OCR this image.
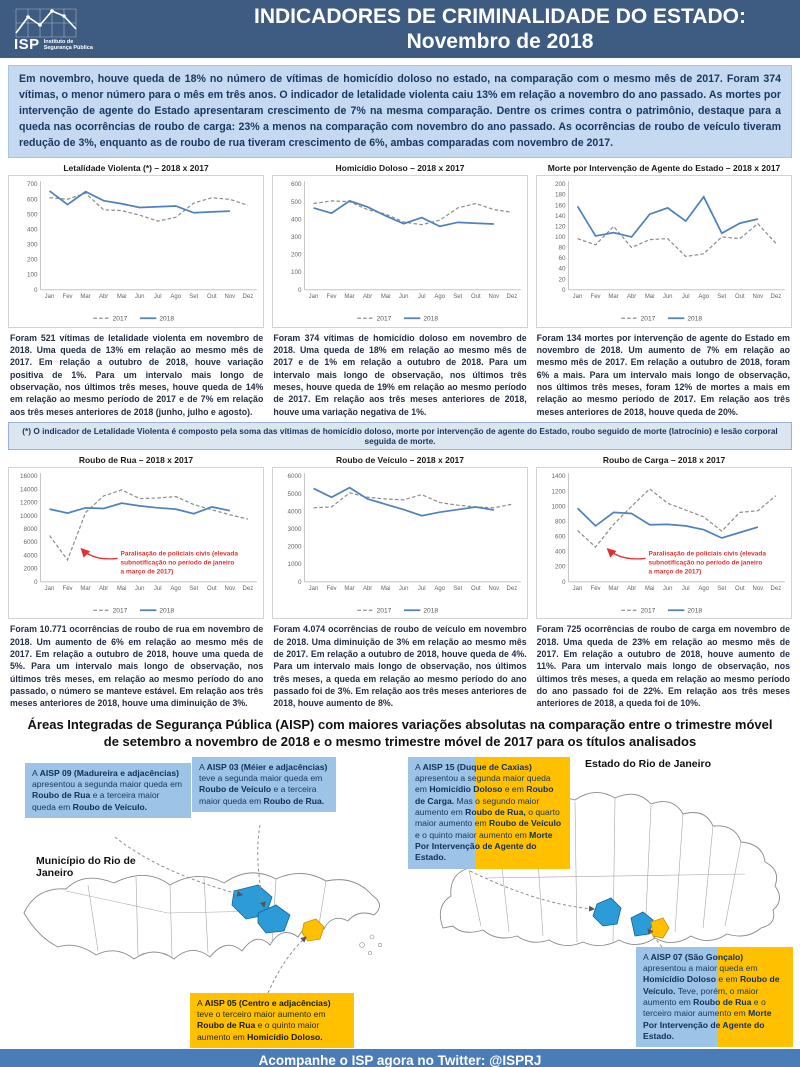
ISP Instituto de
Segurança Pública
INDICADORES DE CRIMINALIDADE DO ESTADO:
Novembro de 2018
Em novembro, houve queda de 18% no número de vítimas de homicídio doloso no estado, na comparação com o mesmo mês de 2017. Foram 374 vítimas, o menor número para o mês em três anos. O indicador de letalidade violenta caiu 13% em relação a novembro do ano passado. As mortes por intervenção de agente do Estado apresentaram crescimento de 7% na mesma comparação. Dentre os crimes contra o patrimônio, destaque para a queda nas ocorrências de roubo de carga: 23% a menos na comparação com novembro do ano passado. As ocorrências de roubo de veículo tiveram redução de 3%, enquanto as de roubo de rua tiveram crescimento de 6%, ambas comparadas com novembro de 2017.
Letalidade Violenta (*) – 2018 x 2017
0
100
200
300
400
500
600
700
Jan Fev Mar Abr Mai Jun Jul Ago Set Out Nov Dez
2017	2018
Homicídio Doloso – 2018 x 2017
0
100
200
300
400
500
600
Jan Fev Mar Abr Mai Jun Jul Ago Set Out Nov Dez
2017	2018
Morte por Intervenção de Agente do Estado – 2018 x 2017
0
20
40
60
80
100
120
140
160
180
200
Jan Fev Mar Abr Mai Jun Jul Ago Set Out Nov Dez
2017	2018
Foram 521 vítimas de letalidade violenta em novembro de 2018. Uma queda de 13% em relação ao mesmo mês de 2017. Em relação a outubro de 2018, houve variação positiva de 1%. Para um intervalo mais longo de observação, nos últimos três meses, houve queda de 14% em relação ao mesmo período de 2017 e de 7% em relação aos três meses anteriores de 2018 (junho, julho e agosto).
Foram 374 vítimas de homicídio doloso em novembro de 2018. Uma queda de 18% em relação ao mesmo mês de 2017 e de 1% em relação a outubro de 2018. Para um intervalo mais longo de observação, nos últimos três meses, houve queda de 19% em relação ao mesmo período de 2017. Em relação aos três meses anteriores de 2018, houve uma variação negativa de 1%.
Foram 134 mortes por intervenção de agente do Estado em novembro de 2018. Um aumento de 7% em relação ao mesmo mês de 2017. Em relação a outubro de 2018, foram 6% a mais. Para um intervalo mais longo de observação, nos últimos três meses, foram 12% de mortes a mais em relação ao mesmo período de 2017. Em relação aos três meses anteriores de 2018, houve queda de 20%.
(*) O indicador de Letalidade Violenta é composto pela soma das vítimas de homicídio doloso, morte por intervenção de agente do Estado, roubo seguido de morte (latrocínio) e lesão corporal seguida de morte.
Roubo de Rua – 2018 x 2017
0
2000
4000
6000
8000
10000
12000
14000
16000
Jan Fev Mar Abr Mai Jun Jul Ago Set Out Nov Dez
2017	2018
Paralisação de policiais civis (elevada
subnotificação no período de janeiro
a março de 2017)
Roubo de Veículo – 2018 x 2017
0
1000
2000
3000
4000
5000
6000
Jan Fev Mar Abr Mai Jun Jul Ago Set Out Nov Dez
2017	2018
Roubo de Carga – 2018 x 2017
0
200
400
600
800
1000
1200
1400
Jan Fev Mar Abr Mai Jun Jul Ago Set Out Nov Dez
2017	2018
Paralisação de policiais civis (elevada
subnotificação no período de janeiro
a março de 2017)
Foram 10.771 ocorrências de roubo de rua em novembro de 2018. Um aumento de 6% em relação ao mesmo mês de 2017. Em relação a outubro de 2018, houve uma queda de 5%. Para um intervalo mais longo de observação, nos últimos três meses, em relação ao mesmo período do ano passado, o número se manteve estável. Em relação aos três meses anteriores de 2018, houve uma diminuição de 3%.
Foram 4.074 ocorrências de roubo de veículo em novembro de 2018. Uma diminuição de 3% em relação ao mesmo mês de 2017. Em relação a outubro de 2018, houve queda de 4%. Para um intervalo mais longo de observação, nos últimos três meses, a queda em relação ao mesmo período do ano passado foi de 3%. Em relação aos três meses anteriores de 2018, houve aumento de 8%.
Foram 725 ocorrências de roubo de carga em novembro de 2018. Uma queda de 23% em relação ao mesmo mês de 2017. Em relação a outubro de 2018, houve aumento de 11%. Para um intervalo mais longo de observação, nos últimos três meses, a queda em relação ao mesmo período do ano passado foi de 22%. Em relação aos três meses anteriores de 2018, a queda foi de 10%.
Áreas Integradas de Segurança Pública (AISP) com maiores variações absolutas na comparação entre o trimestre móvel de setembro a novembro de 2018 e o mesmo trimestre móvel de 2017 para os títulos analisados
A AISP 09 (Madureira e adjacências) apresentou a segunda maior queda em Roubo de Rua e a terceira maior queda em Roubo de Veículo.
A AISP 03 (Méier e adjacências) teve a segunda maior queda em Roubo de Veículo e a terceira maior queda em Roubo de Rua.
A AISP 15 (Duque de Caxias) apresentou a segunda maior queda em Homicídio Doloso e em Roubo de Carga. Mas o segundo maior aumento em Roubo de Rua, o quarto maior aumento em Roubo de Veículo e o quinto maior aumento em Morte Por Intervenção de Agente do Estado.
A AISP 05 (Centro e adjacências) teve o terceiro maior aumento em Roubo de Rua e o quinto maior aumento em Homicídio Doloso.
A AISP 07 (São Gonçalo) apresentou a maior queda em Homicídio Doloso e em Roubo de Veículo. Teve, porém, o maior aumento em Roubo de Rua e o terceiro maior aumento em Morte Por Intervenção de Agente do Estado.
Município do Rio de Janeiro
Estado do Rio de Janeiro
Acompanhe o ISP agora no Twitter: @ISPRJ
